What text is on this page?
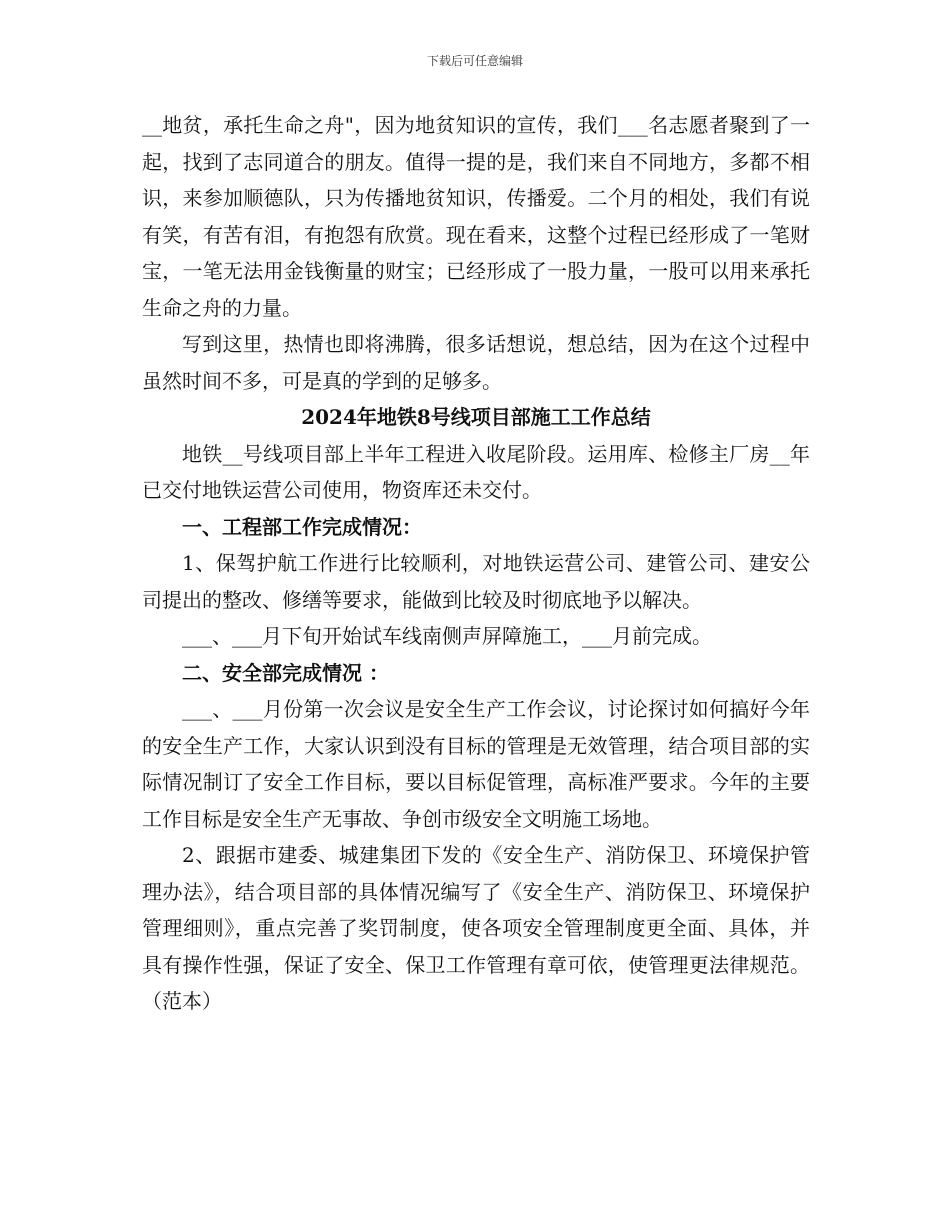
下载后可任意编辑

__地贫，承托生命之舟"，因为地贫知识的宣传，我们___名志愿者聚到了一起，找到了志同道合的朋友。值得一提的是，我们来自不同地方，多都不相识，来参加顺德队，只为传播地贫知识，传播爱。二个月的相处，我们有说有笑，有苦有泪，有抱怨有欣赏。现在看来，这整个过程已经形成了一笔财宝，一笔无法用金钱衡量的财宝；已经形成了一股力量，一股可以用来承托生命之舟的力量。

写到这里，热情也即将沸腾，很多话想说，想总结，因为在这个过程中虽然时间不多，可是真的学到的足够多。

2024年地铁8号线项目部施工工作总结

地铁__号线项目部上半年工程进入收尾阶段。运用库、检修主厂房__年已交付地铁运营公司使用，物资库还未交付。

一、工程部工作完成情况：

1、保驾护航工作进行比较顺利，对地铁运营公司、建管公司、建安公司提出的整改、修缮等要求，能做到比较及时彻底地予以解决。

___、___月下旬开始试车线南侧声屏障施工，___月前完成。

二、安全部完成情况 ：

___、___月份第一次会议是安全生产工作会议，讨论探讨如何搞好今年的安全生产工作，大家认识到没有目标的管理是无效管理，结合项目部的实际情况制订了安全工作目标，要以目标促管理，高标准严要求。今年的主要工作目标是安全生产无事故、争创市级安全文明施工场地。

2、跟据市建委、城建集团下发的《安全生产、消防保卫、环境保护管理办法》，结合项目部的具体情况编写了《安全生产、消防保卫、环境保护管理细则》，重点完善了奖罚制度，使各项安全管理制度更全面、具体，并具有操作性强，保证了安全、保卫工作管理有章可依，使管理更法律规范。（范本）
